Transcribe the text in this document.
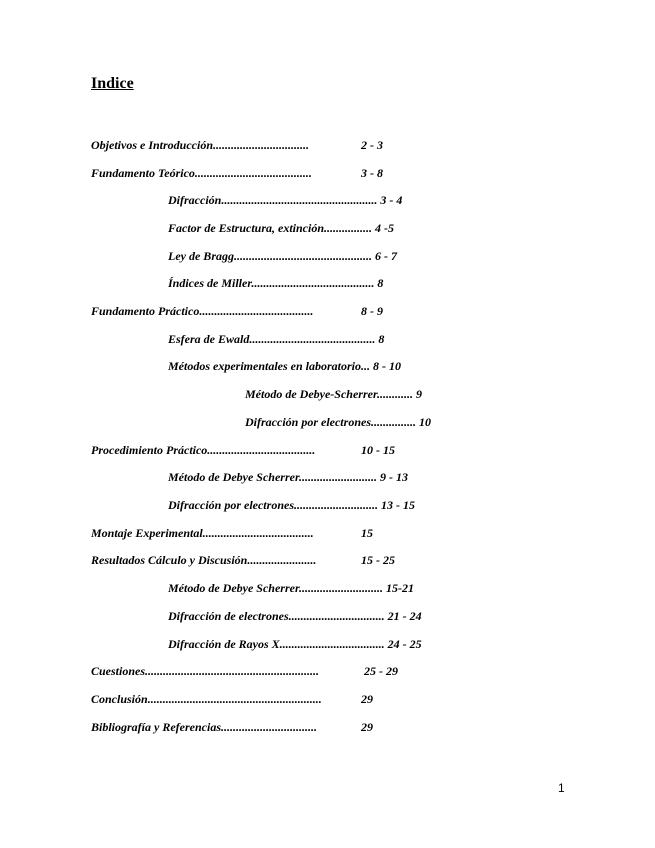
Indice
Objetivos e Introducción................................	2 - 3
Fundamento Teórico.......................................	3 - 8
Difracción.................................................... 3 - 4
Factor de Estructura, extinción................ 4 -5
Ley de Bragg.............................................. 6 - 7
Índices de Miller......................................... 8
Fundamento Práctico......................................	8 - 9
Esfera de Ewald.......................................... 8
Métodos experimentales en laboratorio... 8 - 10
Método de Debye-Scherrer............ 9
Difracción por electrones............... 10
Procedimiento Práctico....................................	10 - 15
Método de Debye Scherrer.......................... 9 - 13
Difracción por electrones............................ 13 - 15
Montaje Experimental.....................................	15
Resultados Cálculo y Discusión.......................	15 - 25
Método de Debye Scherrer............................ 15-21
Difracción de electrones................................ 21 - 24
Difracción de Rayos X................................... 24 - 25
Cuestiones..........................................................	25 - 29
Conclusión..........................................................	29
Bibliografía y Referencias................................	29
1
